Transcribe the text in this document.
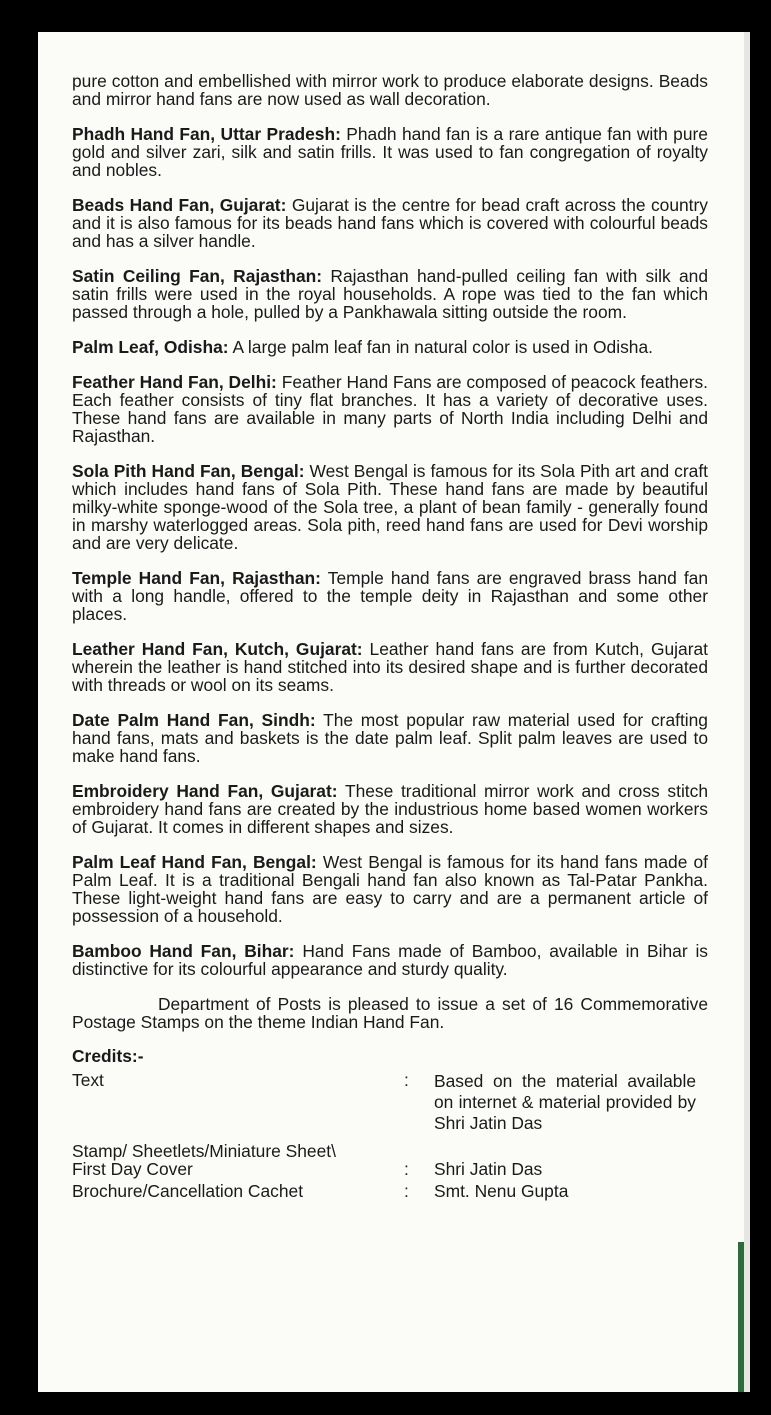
pure cotton and embellished with mirror work to produce elaborate designs. Beads and mirror hand fans are now used as wall decoration.

Phadh Hand Fan, Uttar Pradesh: Phadh hand fan is a rare antique fan with pure gold and silver zari, silk and satin frills. It was used to fan congregation of royalty and nobles.

Beads Hand Fan, Gujarat: Gujarat is the centre for bead craft across the country and it is also famous for its beads hand fans which is covered with colourful beads and has a silver handle.

Satin Ceiling Fan, Rajasthan: Rajasthan hand-pulled ceiling fan with silk and satin frills were used in the royal households. A rope was tied to the fan which passed through a hole, pulled by a Pankhawala sitting outside the room.

Palm Leaf, Odisha: A large palm leaf fan in natural color is used in Odisha.

Feather Hand Fan, Delhi: Feather Hand Fans are composed of peacock feathers. Each feather consists of tiny flat branches. It has a variety of decorative uses. These hand fans are available in many parts of North India including Delhi and Rajasthan.

Sola Pith Hand Fan, Bengal: West Bengal is famous for its Sola Pith art and craft which includes hand fans of Sola Pith. These hand fans are made by beautiful milky-white sponge-wood of the Sola tree, a plant of bean family - generally found in marshy waterlogged areas. Sola pith, reed hand fans are used for Devi worship and are very delicate.

Temple Hand Fan, Rajasthan: Temple hand fans are engraved brass hand fan with a long handle, offered to the temple deity in Rajasthan and some other places.

Leather Hand Fan, Kutch, Gujarat: Leather hand fans are from Kutch, Gujarat wherein the leather is hand stitched into its desired shape and is further decorated with threads or wool on its seams.

Date Palm Hand Fan, Sindh: The most popular raw material used for crafting hand fans, mats and baskets is the date palm leaf. Split palm leaves are used to make hand fans.

Embroidery Hand Fan, Gujarat: These traditional mirror work and cross stitch embroidery hand fans are created by the industrious home based women workers of Gujarat. It comes in different shapes and sizes.

Palm Leaf Hand Fan, Bengal: West Bengal is famous for its hand fans made of Palm Leaf. It is a traditional Bengali hand fan also known as Tal-Patar Pankha. These light-weight hand fans are easy to carry and are a permanent article of possession of a household.

Bamboo Hand Fan, Bihar: Hand Fans made of Bamboo, available in Bihar is distinctive for its colourful appearance and sturdy quality.

Department of Posts is pleased to issue a set of 16 Commemorative Postage Stamps on the theme Indian Hand Fan.

Credits:-
Text	:	Based on the material available on internet & material provided by Shri Jatin Das
Stamp/ Sheetlets/Miniature Sheet\
First Day Cover	:	Shri Jatin Das
Brochure/Cancellation Cachet	:	Smt. Nenu Gupta
